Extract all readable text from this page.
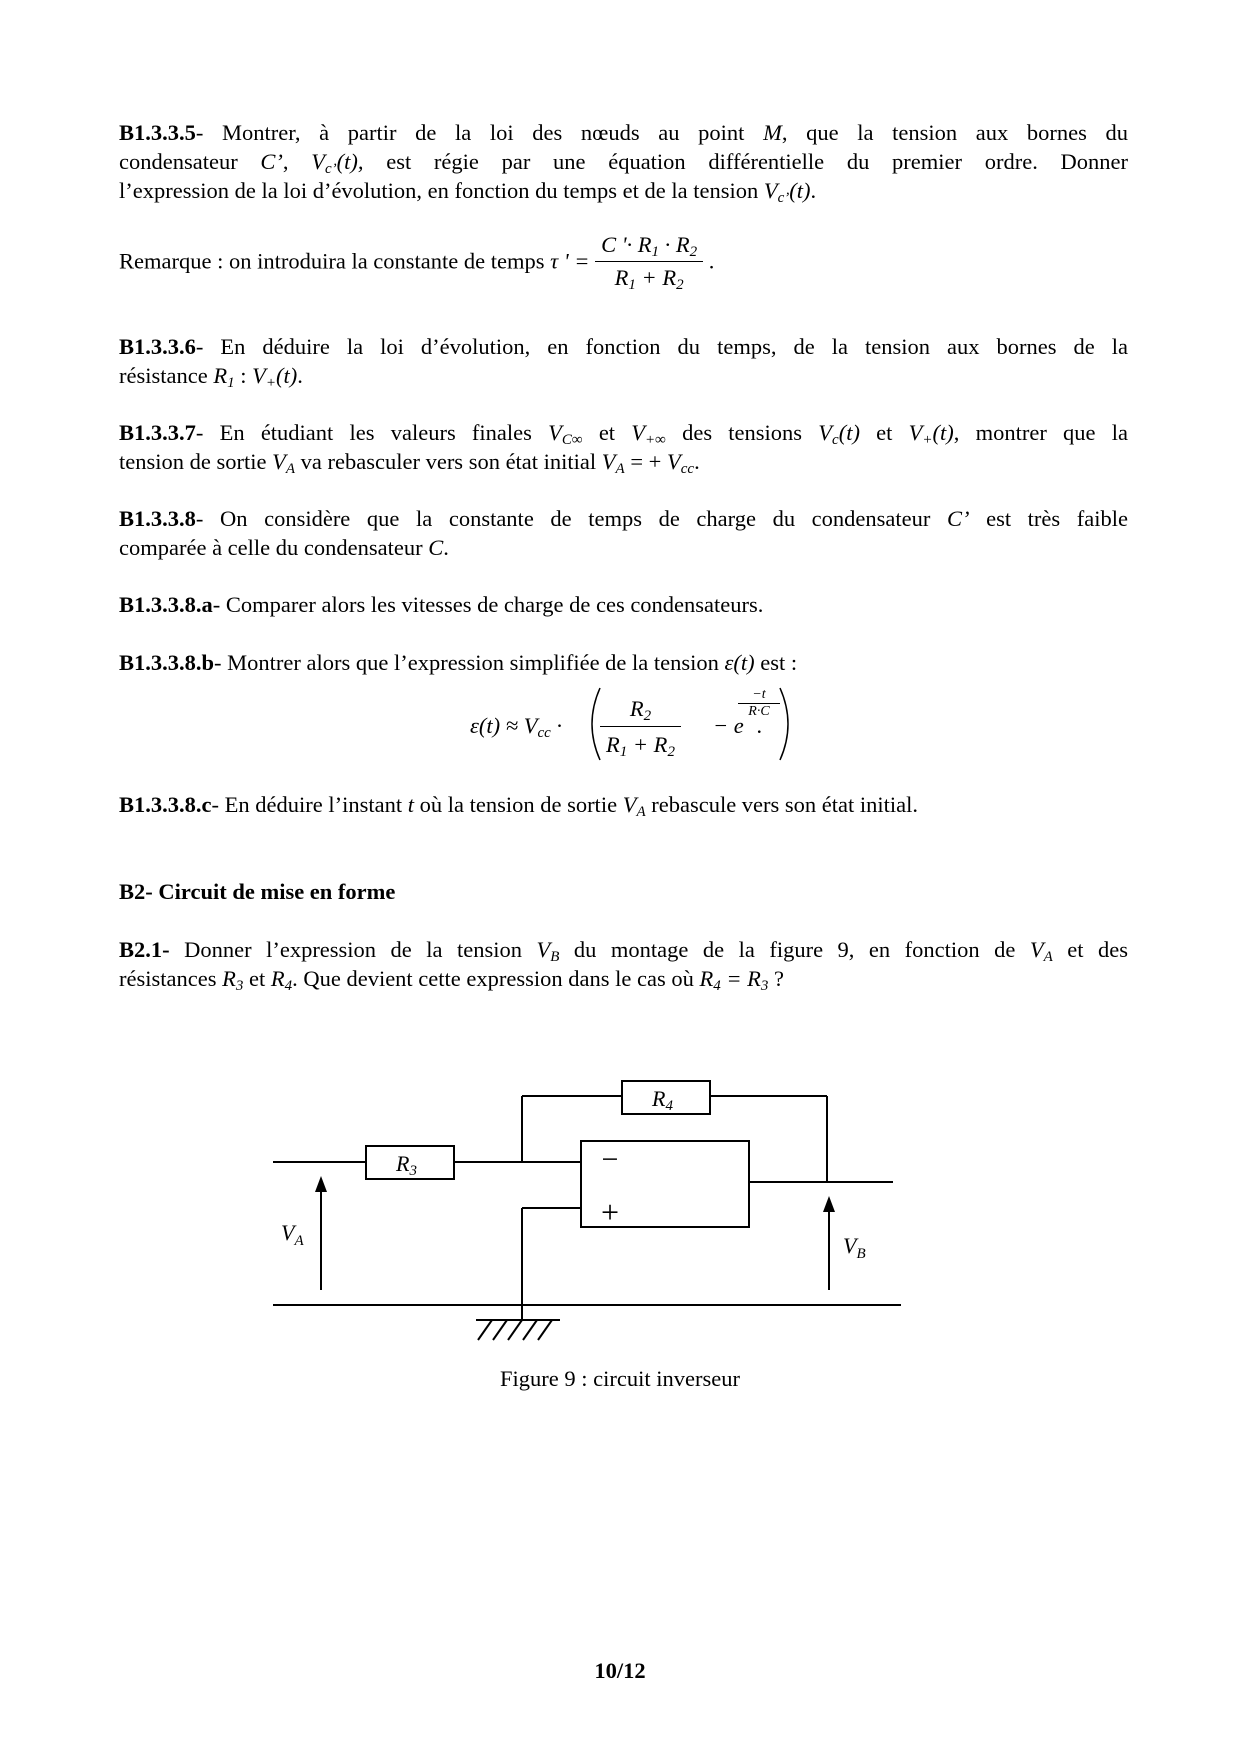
B1.3.3.5- Montrer, à partir de la loi des nœuds au point M, que la tension aux bornes du
condensateur C’, $V_{c’}(t)$, est régie par une équation différentielle du premier ordre. Donner
l’expression de la loi d’évolution, en fonction du temps et de la tension $V_{c’}(t)$.
Remarque : on introduira la constante de temps τ ' = $\frac{C '\cdot R_1 \cdot R_2}{R_1 + R_2}$ .
B1.3.3.6- En déduire la loi d’évolution, en fonction du temps, de la tension aux bornes de la
résistance $R_1$ : $V_+(t)$.
B1.3.3.7- En étudiant les valeurs finales $V_{C\infty}$ et $V_{+\infty}$ des tensions $V_c(t)$ et $V_+(t)$, montrer que la
tension de sortie $V_A$ va rebasculer vers son état initial $V_A$ = + $V_{cc}$.
B1.3.3.8- On considère que la constante de temps de charge du condensateur C’ est très faible
comparée à celle du condensateur C.
B1.3.3.8.a- Comparer alors les vitesses de charge de ces condensateurs.
B1.3.3.8.b- Montrer alors que l’expression simplifiée de la tension ε(t) est :
$\varepsilon(t) \approx V_{cc} \cdot \frac{R_2}{R_1 + R_2} - e$
−t
R·C
.
B1.3.3.8.c- En déduire l’instant t où la tension de sortie $V_A$ rebascule vers son état initial.
B2- Circuit de mise en forme
B2.1- Donner l’expression de la tension $V_B$ du montage de la figure 9, en fonction de $V_A$ et des
résistances $R_3$ et $R_4$. Que devient cette expression dans le cas où $R_4 = R_3$ ?
−
+
R4
R3
$V_A$	$V_B$
Figure 9 : circuit inverseur
10/12
